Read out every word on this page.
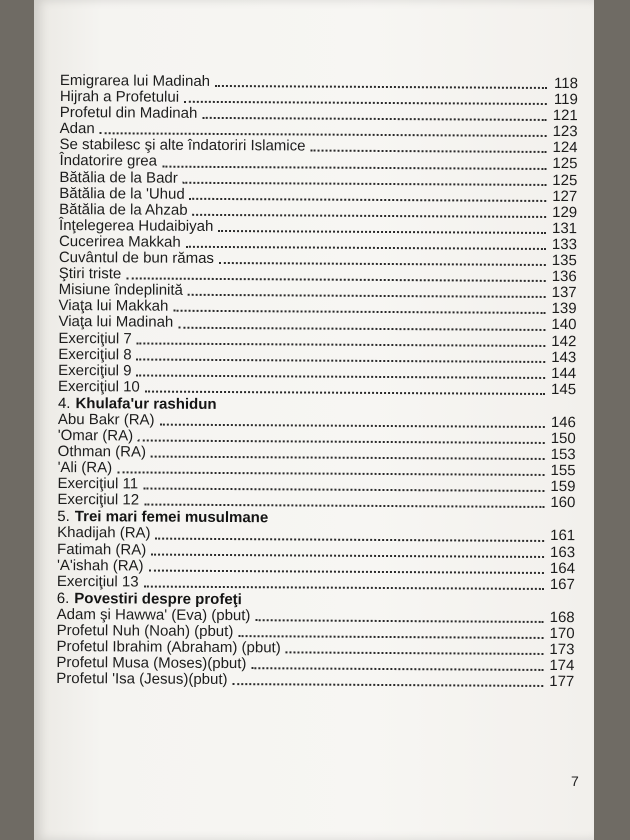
Emigrarea lui Madinah	118
Hijrah a Profetului	119
Profetul din Madinah	121
Adan	123
Se stabilesc şi alte îndatoriri Islamice	124
Îndatorire grea	125
Bătălia de la Badr	125
Bătălia de la 'Uhud	127
Bătălia de la Ahzab	129
Înţelegerea Hudaibiyah	131
Cucerirea Makkah	133
Cuvântul de bun rămas	135
Ştiri triste	136
Misiune îndeplinită	137
Viaţa lui Makkah	139
Viaţa lui Madinah	140
Exerciţiul 7	142
Exerciţiul 8	143
Exerciţiul 9	144
Exerciţiul 10	145
4. Khulafa'ur rashidun
Abu Bakr (RA)	146
'Omar (RA)	150
Othman (RA)	153
'Ali (RA)	155
Exerciţiul 11	159
Exerciţiul 12	160
5. Trei mari femei musulmane
Khadijah (RA)	161
Fatimah (RA)	163
'A'ishah (RA)	164
Exerciţiul 13	167
6. Povestiri despre profeţi
Adam şi Hawwa' (Eva) (pbut)	168
Profetul Nuh (Noah) (pbut)	170
Profetul Ibrahim (Abraham) (pbut)	173
Profetul Musa (Moses)(pbut)	174
Profetul 'Isa (Jesus)(pbut)	177
7
